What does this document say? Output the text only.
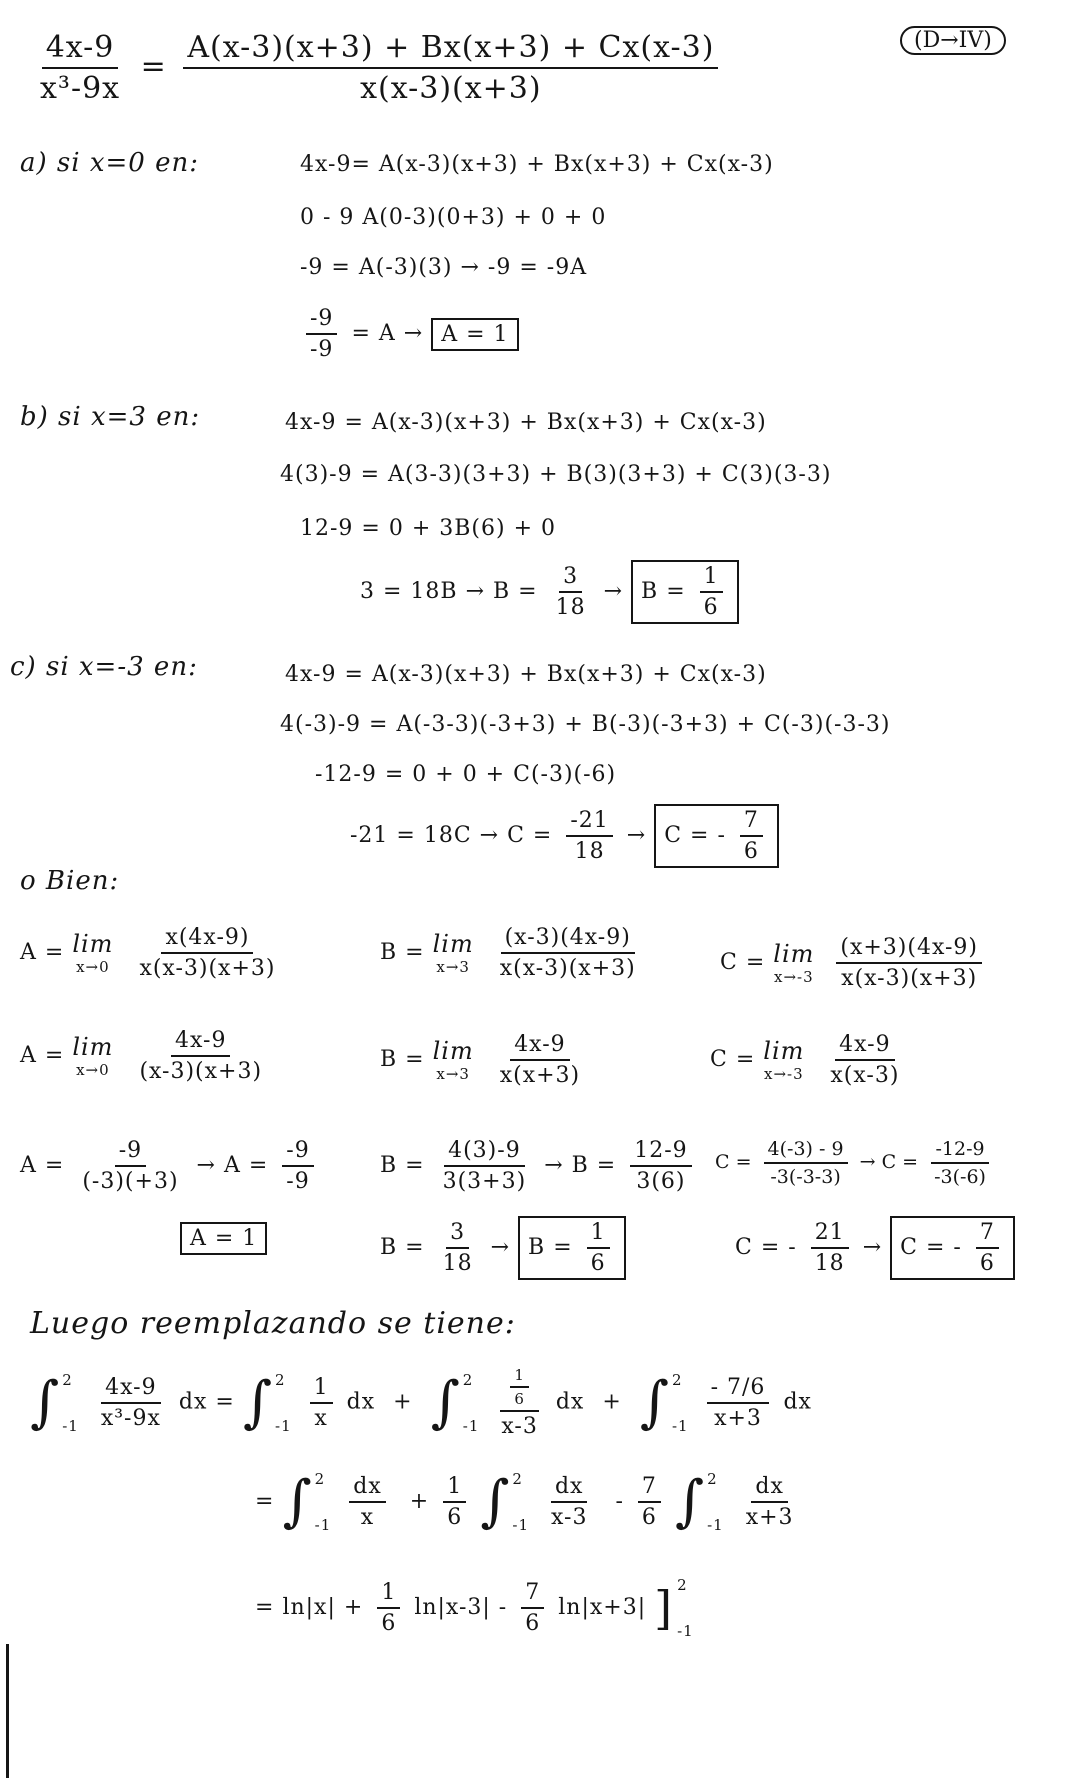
(D→IV)
$\frac{4x-9}{\text{x³-9x}} = \frac{A(x-3)(x+3) + Bx(x+3) + Cx(x-3)}{x(x-3)(x+3)}$
a) si x=0 en:	4x-9= A(x-3)(x+3) + Bx(x+3) + Cx(x-3)
0 - 9 A(0-3)(0+3) + 0 + 0
-9 = A(-3)(3) → -9 = -9A
$\frac{-9}{-9} = A \to A = 1$
b) si x=3 en:	4x-9 = A(x-3)(x+3) + Bx(x+3) + Cx(x-3)
4(3)-9 = A(3-3)(3+3) + B(3)(3+3) + C(3)(3-3)
12-9 = 0 + 3B(6) + 0
$3 = 18B \to B = \frac{3}{18} \to B = \frac{1}{6}$
c) si x=-3 en:	4x-9 = A(x-3)(x+3) + Bx(x+3) + Cx(x-3)
4(-3)-9 = A(-3-3)(-3+3) + B(-3)(-3+3) + C(-3)(-3-3)
-12-9 = 0 + 0 + C(-3)(-6)
$-21 = 18C \to C = \frac{-21}{18} \to C$ = - $\frac{7}{6}$
o Bien:
A = lim
x→0
$\frac{x(4x-9)}{x(x-3)(x+3)}$	B = lim
x→3
$\frac{(x-3)(4x-9)}{x(x-3)(x+3)}$	C = lim
x→-3
$\frac{(x+3)(4x-9)}{x(x-3)(x+3)}$
A = lim
x→0
$\frac{4x-9}{(x-3)(x+3)}$	B = lim
x→3
$\frac{4x-9}{x(x+3)}$	C = lim
x→-3
$\frac{4x-9}{x(x-3)}$
$A = \frac{-9}{(-3)(+3)} \to A = \frac{-9}{-9}$	$B = \frac{4(3)-9}{3(3+3)} \to B = \frac{12-9}{3(6)}$ $C = \frac{4(-3) - 9}{-3(-3-3)} \to C = \frac{-12-9}{-3(-6)}$
A = 1	$B = \frac{3}{18} \to B = \frac{1}{6}$	C = - $\frac{21}{18} \to C$ = - $\frac{7}{6}$
Luego reemplazando se tiene:
∫ 2
-1
$\frac{4x-9}{\text{x³-9x}}$ dx = ∫ 2
-1
$\frac{1}{x}$ dx + ∫ 2
-1
$\frac{\frac{1}{6}}{x-3}$ dx + ∫ 2
-1
$\frac{- 7/6}{x+3}$ dx
= ∫ 2
-1
$\frac{dx}{x} + \frac{1}{6}$
∫ 2
-1
$\frac{dx}{x-3} - \frac{7}{6}$
∫ 2
-1
$\frac{dx}{x+3}$
= $\ln|x| + \frac{1}{6} \ln|x-3| - \frac{7}{6} \ln|x+3|$ ] 2
-1
